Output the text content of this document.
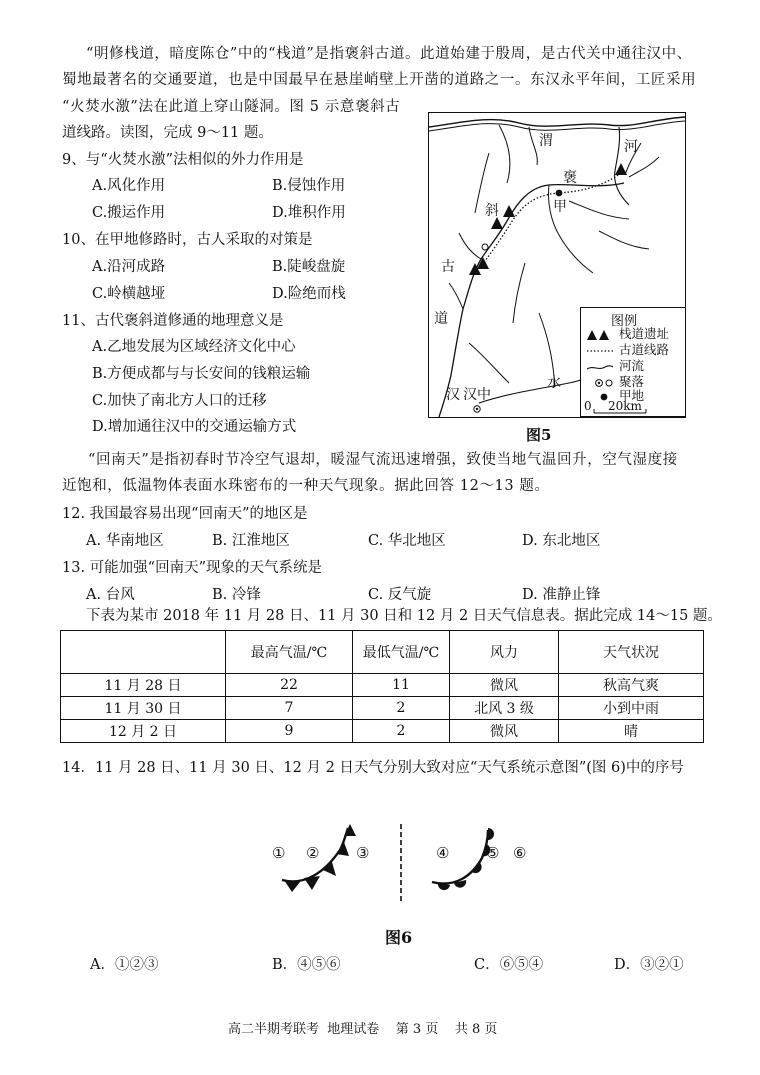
“明修栈道，暗度陈仓”中的“栈道”是指褒斜古道。此道始建于殷周，是古代关中通往汉中、
蜀地最著名的交通要道，也是中国最早在悬崖峭壁上开凿的道路之一。东汉永平年间，工匠采用
“火焚水激”法在此道上穿山隧洞。图 5 示意褒斜古
道线路。读图，完成 9～11 题。
9、与“火焚水激”法相似的外力作用是
A.风化作用	B.侵蚀作用
C.搬运作用	D.堆积作用
10、在甲地修路时，古人采取的对策是
A.沿河成路	B.陡峻盘旋
C.岭横越垭	D.险绝而栈
11、古代褒斜道修通的地理意义是
A.乙地发展为区域经济文化中心
B.方便成都与与长安间的钱粮运输
C.加快了南北方人口的迁移
D.增加通往汉中的交通运输方式
渭	河
褒
甲
斜
古
道
水
汉 汉中
图例
栈道遗址
古道线路
河流
聚落
甲地
0 20km
图5
“回南天”是指初春时节冷空气退却，暖湿气流迅速增强，致使当地气温回升，空气湿度接
近饱和，低温物体表面水珠密布的一种天气现象。据此回答 12～13 题。
12. 我国最容易出现“回南天”的地区是
A. 华南地区	B. 江淮地区	C. 华北地区	D. 东北地区
13. 可能加强“回南天”现象的天气系统是
A. 台风	B. 冷锋	C. 反气旋	D. 准静止锋
下表为某市 2018 年 11 月 28 日、11 月 30 日和 12 月 2 日天气信息表。据此完成 14～15 题。
	最高气温/℃	最低气温/℃	风力	天气状况
11 月 28 日	22	11	微风	秋高气爽
11 月 30 日	7	2	北风 3 级	小到中雨
12 月 2 日	9	2	微风	晴
14．11 月 28 日、11 月 30 日、12 月 2 日天气分别大致对应“天气系统示意图”(图 6)中的序号
① ② ③	④ ⑤ ⑥
图6
A．①②③	B．④⑤⑥	C．⑥⑤④	D．③②①
高二半期考联考  地理试卷    第 3 页    共 8 页
